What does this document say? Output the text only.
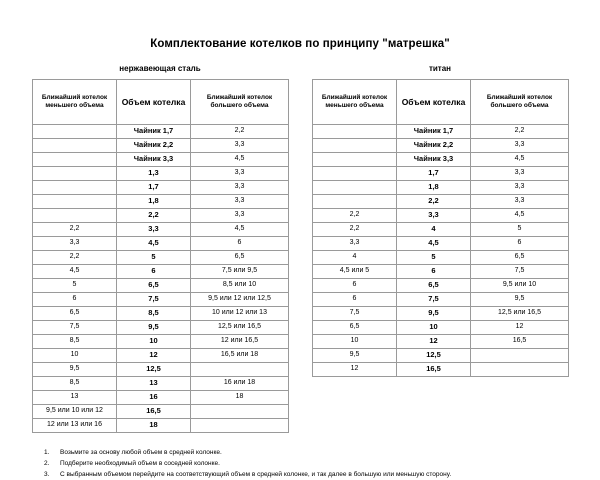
Комплектование котелков по принципу "матрешка"
нержавеющая сталь
Ближайший котелок меньшего объема	Объем котелка	Ближайший котелок большего объема
	Чайник 1,7	2,2
	Чайник 2,2	3,3
	Чайник 3,3	4,5
	1,3	3,3
	1,7	3,3
	1,8	3,3
	2,2	3,3
2,2	3,3	4,5
3,3	4,5	6
2,2	5	6,5
4,5	6	7,5 или 9,5
5	6,5	8,5 или 10
6	7,5	9,5 или 12 или 12,5
6,5	8,5	10 или 12 или 13
7,5	9,5	12,5 или 16,5
8,5	10	12 или 16,5
10	12	16,5 или 18
9,5	12,5	
8,5	13	16 или 18
13	16	18
9,5 или 10 или 12	16,5	
12 или 13 или 16	18	
титан
Ближайший котелок меньшего объема	Объем котелка	Ближайший котелок большего объема
	Чайник 1,7	2,2
	Чайник 2,2	3,3
	Чайник 3,3	4,5
	1,7	3,3
	1,8	3,3
	2,2	3,3
2,2	3,3	4,5
2,2	4	5
3,3	4,5	6
4	5	6,5
4,5 или 5	6	7,5
6	6,5	9,5 или 10
6	7,5	9,5
7,5	9,5	12,5 или 16,5
6,5	10	12
10	12	16,5
9,5	12,5	
12	16,5	
1.	Возьмите за основу любой объем в средней колонке.
2.	Подберите необходимый объем в соседней колонке.
3.	С выбранным объемом перейдите на соответствующий объем в средней колонке, и так далее в большую или меньшую сторону.
